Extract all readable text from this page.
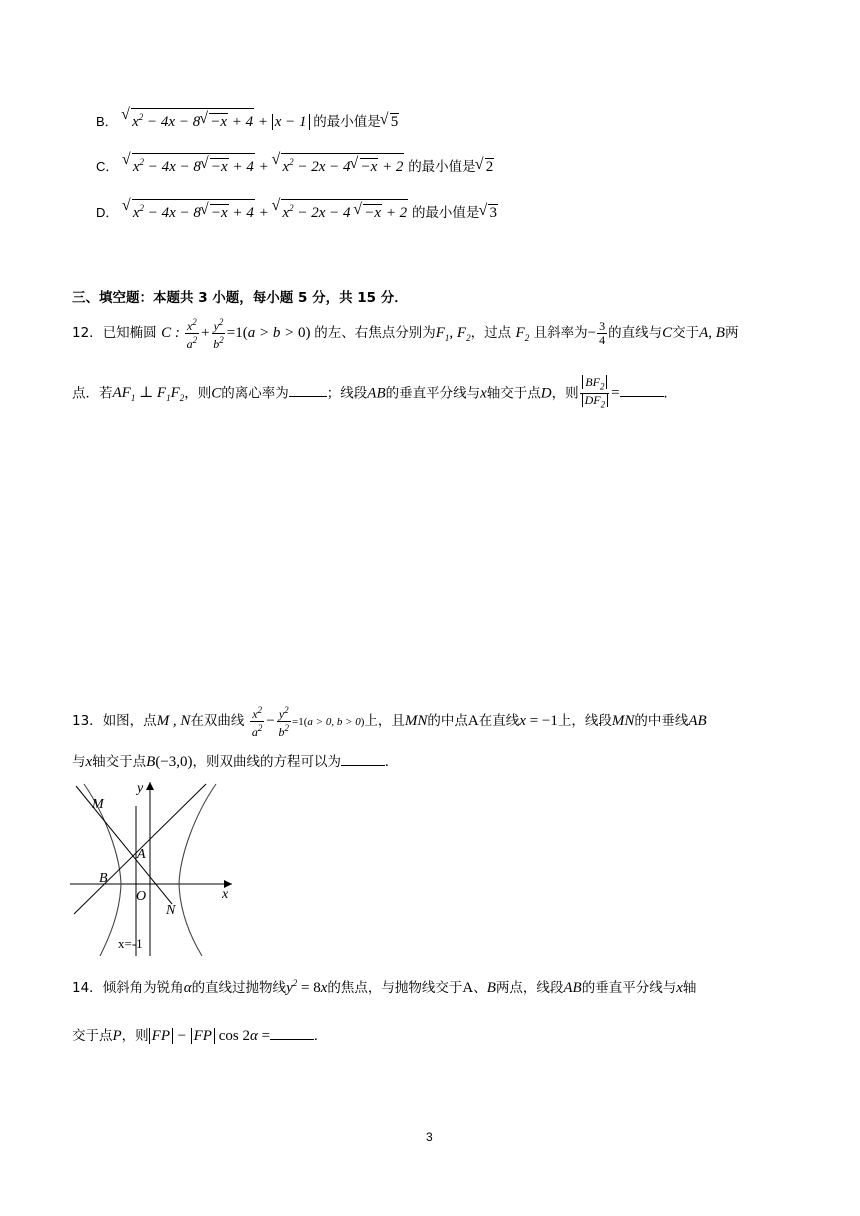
B． √ $x^2 - 4x - 8√ -x + 4 + x - 1$ 的最小值是√ 5
C． √ $x^2 - 4x - 8√ -x + 4$ + √ $x^2 - 2x - 4√ -x + 2$ 的最小值是√ 2
D． √ $x^2 - 4x - 8√ -x + 4$ + √ $x^2 - 2x - 4$ √ −x + 2 的最小值是√ 3
三、填空题：本题共 3 小题，每小题 5 分，共 15 分．
12．已知椭圆 C : $\frac{x^2}{a^2} + \frac{y^2}{b^2} =1(a > b > 0)$ 的左、右焦点分别为$F_1$, $F_2$，过点 $F_2$ 且斜率为− $\frac{3}{4}$ 的直线与C交于A, B两
点．若$AF_1$ ⊥ $F_1F_2$，则C的离心率为	；线段AB的垂直平分线与x轴交于点D，则 $\frac{BF_2}{DF_2}$ =	.
13．如图，点M , N在双曲线 $\frac{x^2}{a^2} - \frac{y^2}{b^2} =1(a > 0$, b > 0)上，且MN的中点A在直线x = −1上，线段MN的中垂线AB
与x轴交于点B(−3,0)，则双曲线的方程可以为	.
M
A
B
O
N
x
y
x=-1
14．倾斜角为锐角α的直线过抛物线$y^2 = 8x$的焦点，与抛物线交于A、B两点，线段AB的垂直平分线与x轴
交于点P，则 FP − FP cos 2α =	.
3
